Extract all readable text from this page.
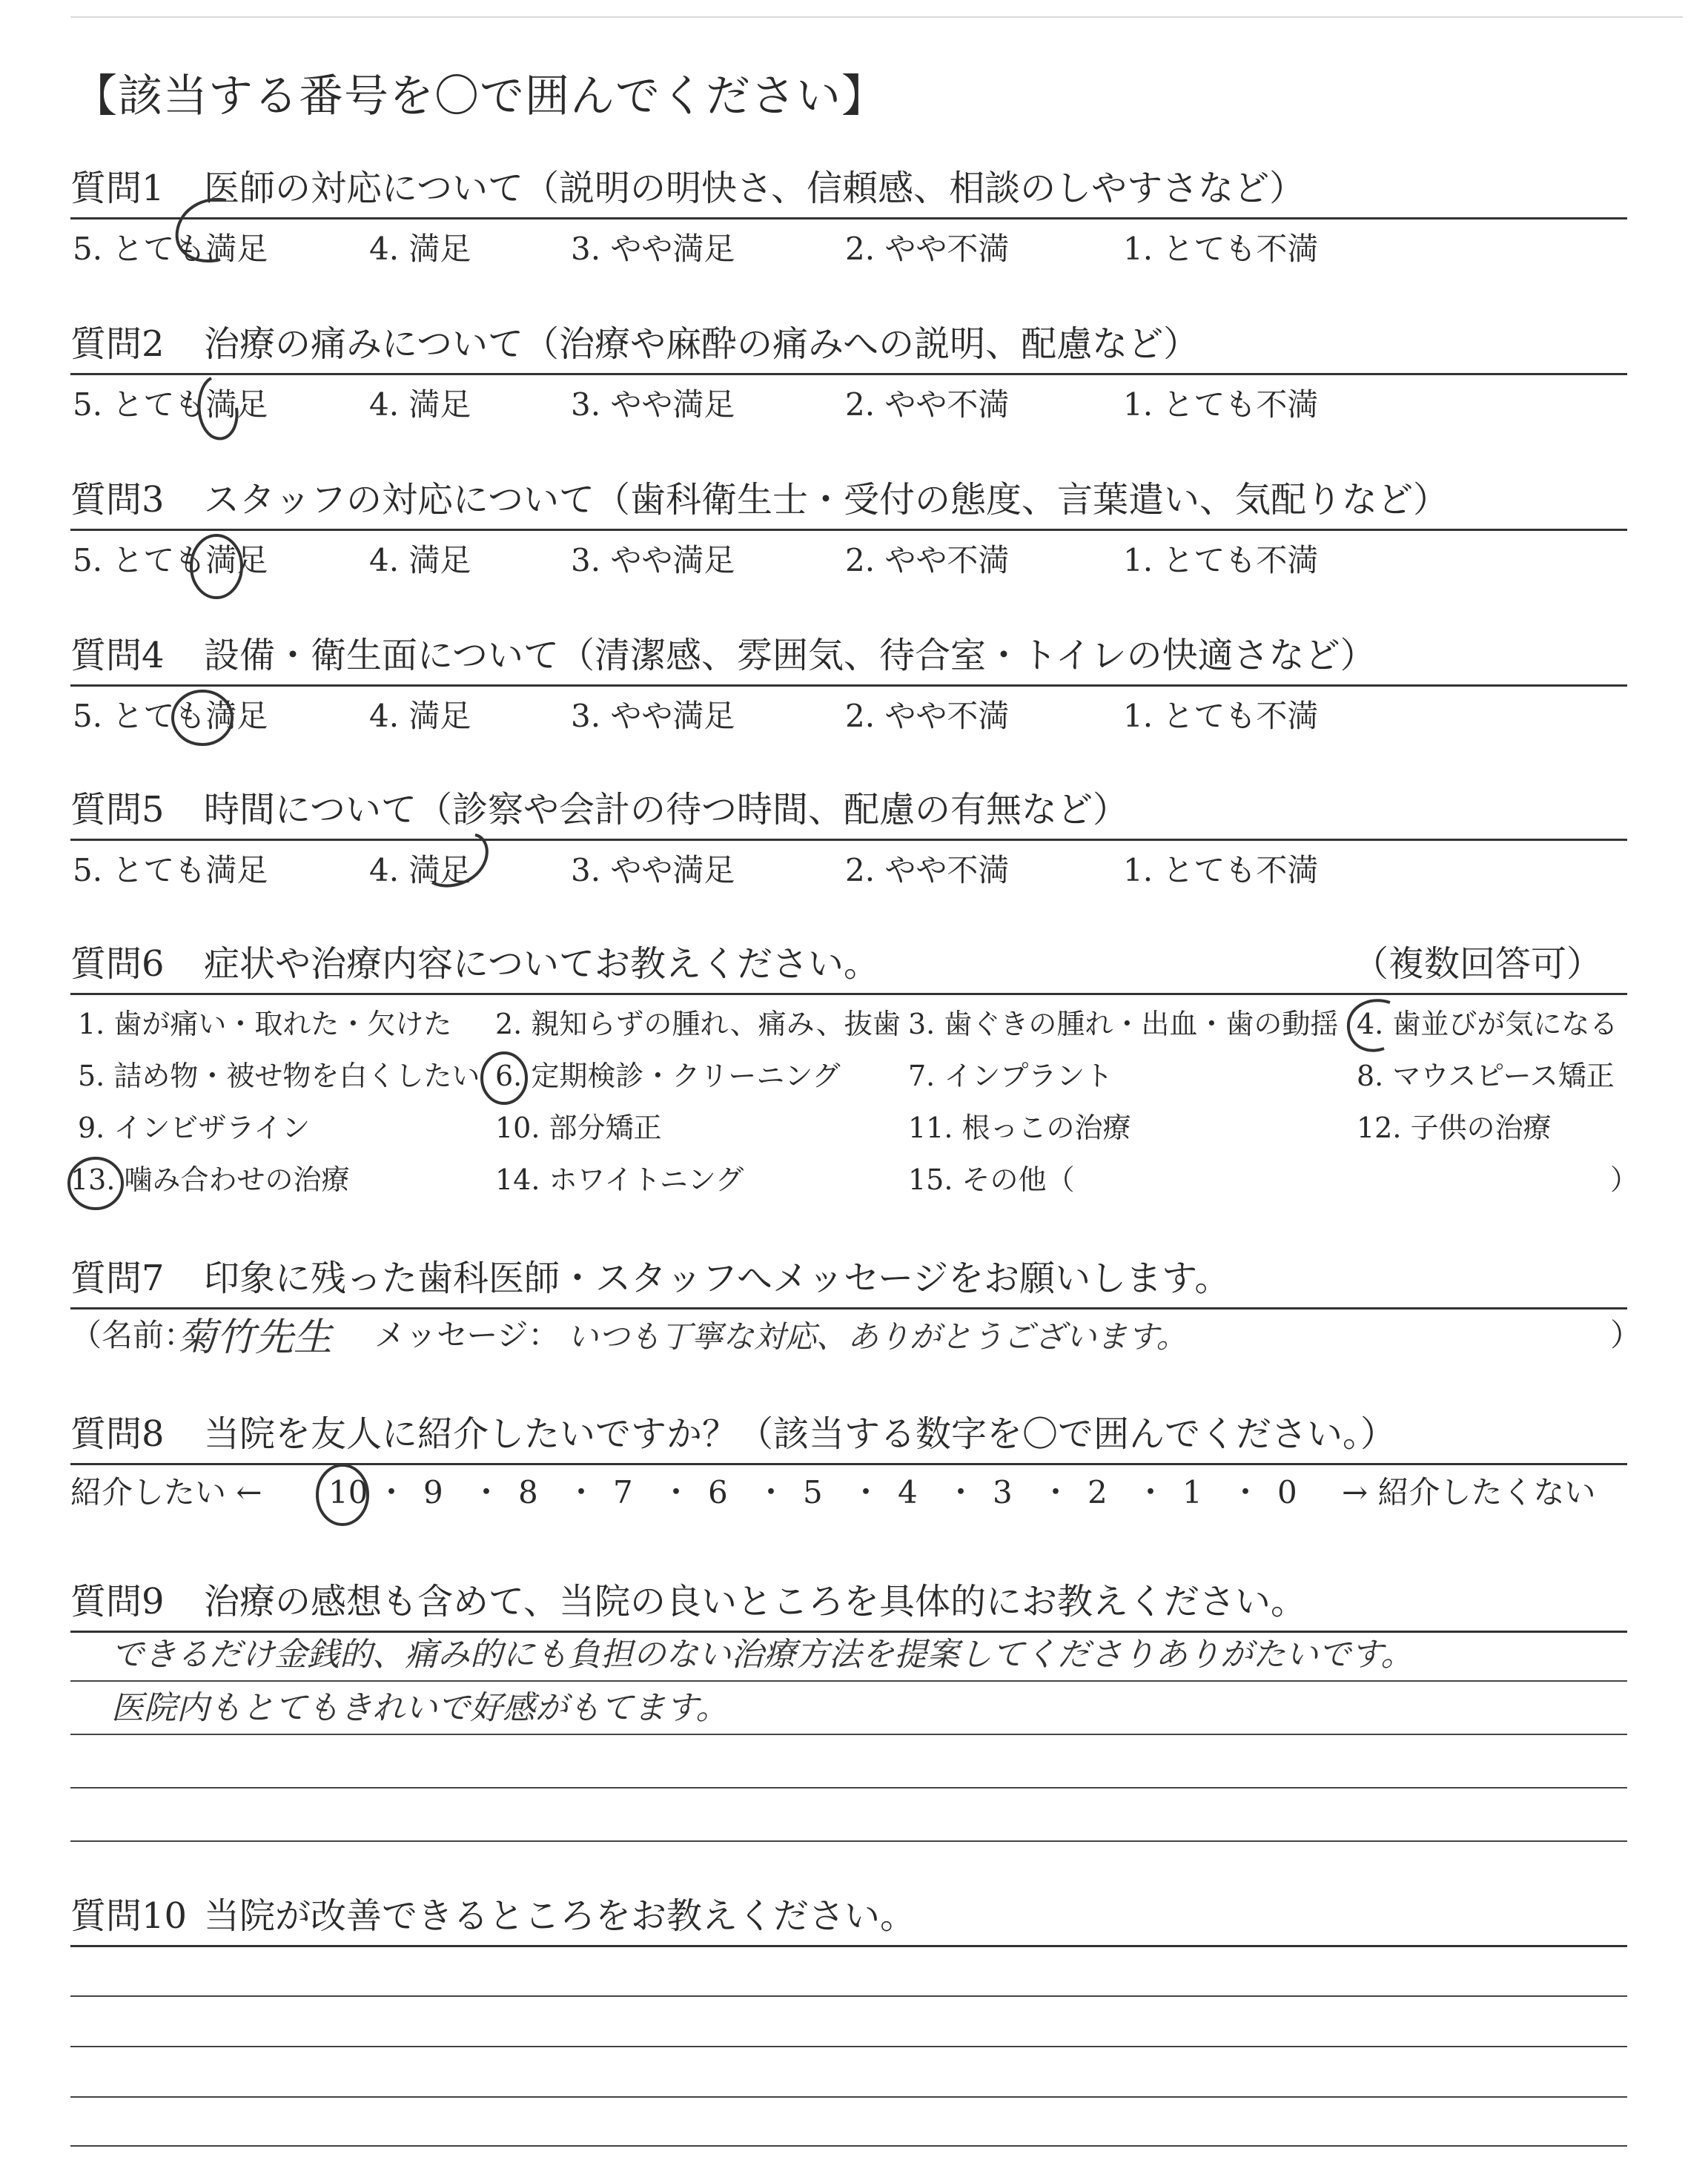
【該当する番号を〇で囲んでください】
質問1 医師の対応について（説明の明快さ、信頼感、相談のしやすさなど）
5. とても満足	4. 満足	3. やや満足	2. やや不満	1. とても不満
質問2 治療の痛みについて（治療や麻酔の痛みへの説明、配慮など）
5. とても満足	4. 満足	3. やや満足	2. やや不満	1. とても不満
質問3 スタッフの対応について（歯科衛生士・受付の態度、言葉遣い、気配りなど）
5. とても満足	4. 満足	3. やや満足	2. やや不満	1. とても不満
質問4 設備・衛生面について（清潔感、雰囲気、待合室・トイレの快適さなど）
5. とても満足	4. 満足	3. やや満足	2. やや不満	1. とても不満
質問5 時間について（診察や会計の待つ時間、配慮の有無など）
5. とても満足	4. 満足	3. やや満足	2. やや不満	1. とても不満
質問6 症状や治療内容についてお教えください。	（複数回答可）
1. 歯が痛い・取れた・欠けた 2. 親知らずの腫れ、痛み、抜歯 3. 歯ぐきの腫れ・出血・歯の動揺 4. 歯並びが気になる
5. 詰め物・被せ物を白くしたい 6. 定期検診・クリーニング 7. インプラント	8. マウスピース矯正
9. インビザライン	10. 部分矯正	11. 根っこの治療	12. 子供の治療
13. 噛み合わせの治療	14. ホワイトニング	15. その他（	）
質問7 印象に残った歯科医師・スタッフへメッセージをお願いします。
（名前：
菊竹先生 メッセージ： いつも丁寧な対応、ありがとうございます。	）
質問8 当院を友人に紹介したいですか？（該当する数字を〇で囲んでください。）
紹介したい ← 10 ・ 9 ・ 8 ・ 7 ・ 6 ・ 5 ・ 4 ・ 3 ・ 2 ・ 1 ・ 0 → 紹介したくない
質問9 治療の感想も含めて、当院の良いところを具体的にお教えください。
できるだけ金銭的、痛み的にも負担のない治療方法を提案してくださりありがたいです。
医院内もとてもきれいで好感がもてます。
質問10 当院が改善できるところをお教えください。
